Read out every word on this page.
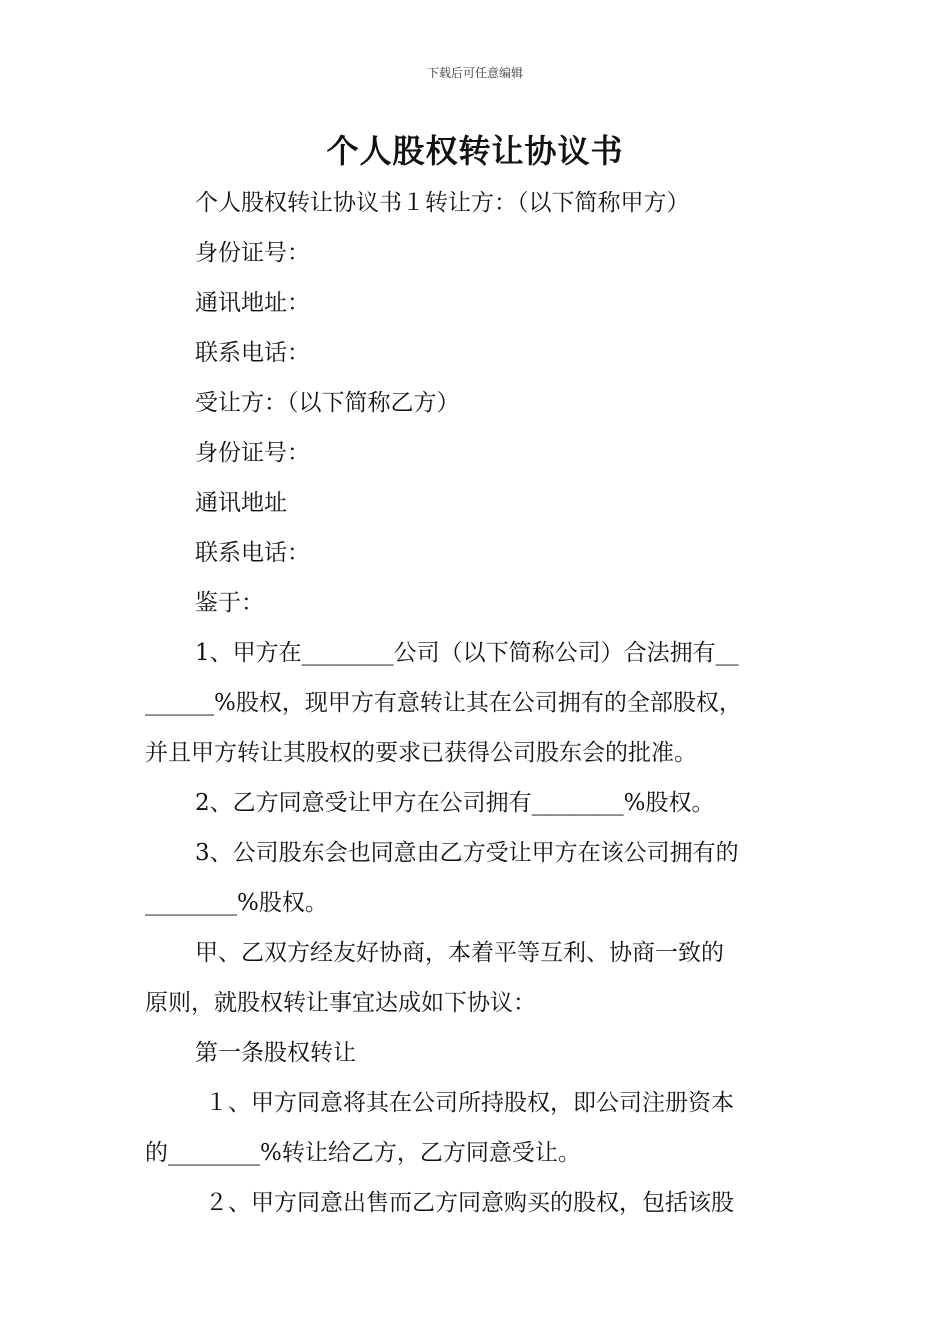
下载后可任意编辑
个人股权转让协议书
个人股权转让协议书１转让方：（以下简称甲方）
身份证号：
通讯地址：
联系电话：
受让方：（以下简称乙方）
身份证号：
通讯地址
联系电话：
鉴于：
1、甲方在________公司（以下简称公司）合法拥有__
______%股权，现甲方有意转让其在公司拥有的全部股权，
并且甲方转让其股权的要求已获得公司股东会的批准。
2、乙方同意受让甲方在公司拥有________%股权。
3、公司股东会也同意由乙方受让甲方在该公司拥有的
________%股权。
甲、乙双方经友好协商，本着平等互利、协商一致的
原则，就股权转让事宜达成如下协议：
第一条股权转让
１、甲方同意将其在公司所持股权，即公司注册资本
的________%转让给乙方，乙方同意受让。
２、甲方同意出售而乙方同意购买的股权，包括该股
